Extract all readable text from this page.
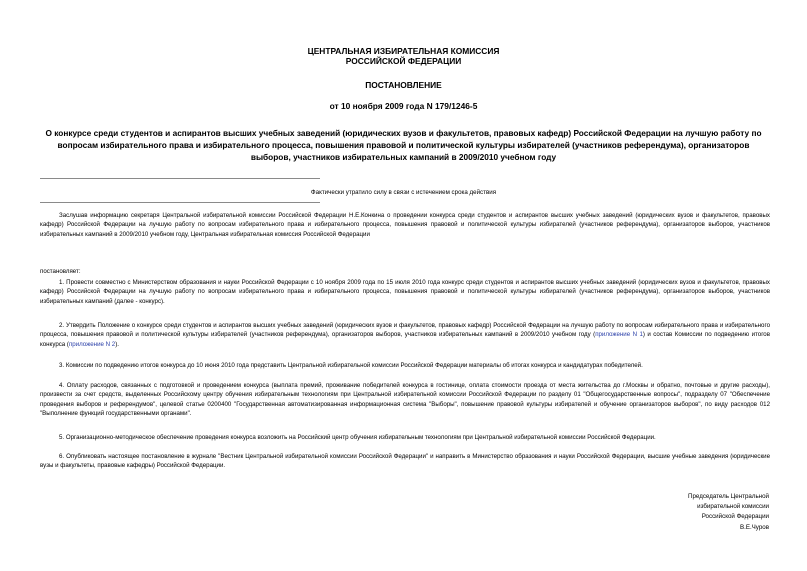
ЦЕНТРАЛЬНАЯ ИЗБИРАТЕЛЬНАЯ КОМИССИЯ
РОССИЙСКОЙ ФЕДЕРАЦИИ
ПОСТАНОВЛЕНИЕ
от 10 ноября 2009 года N 179/1246-5
О конкурсе среди студентов и аспирантов высших учебных заведений (юридических вузов и факультетов, правовых кафедр) Российской Федерации на лучшую работу по вопросам избирательного права и избирательного процесса, повышения правовой и политической культуры избирателей (участников референдума), организаторов выборов, участников избирательных кампаний в 2009/2010 учебном году
Фактически утратило силу в связи с истечением срока действия

Заслушав информацию секретаря Центральной избирательной комиссии Российской Федерации Н.Е.Конкина о проведении конкурса среди студентов и аспирантов высших учебных заведений (юридических вузов и факультетов, правовых кафедр) Российской Федерации на лучшую работу по вопросам избирательного права и избирательного процесса, повышения правовой и политической культуры избирателей (участников референдума), организаторов выборов, участников избирательных кампаний в 2009/2010 учебном году, Центральная избирательная комиссия Российской Федерации

постановляет:

1. Провести совместно с Министерством образования и науки Российской Федерации с 10 ноября 2009 года по 15 июля 2010 года конкурс среди студентов и аспирантов высших учебных заведений (юридических вузов и факультетов, правовых кафедр) Российской Федерации на лучшую работу по вопросам избирательного права и избирательного процесса, повышения правовой и политической культуры избирателей (участников референдума), организаторов выборов, участников избирательных кампаний (далее - конкурс).

2. Утвердить Положение о конкурсе среди студентов и аспирантов высших учебных заведений (юридических вузов и факультетов, правовых кафедр) Российской Федерации на лучшую работу по вопросам избирательного права и избирательного процесса, повышения правовой и политической культуры избирателей (участников референдума), организаторов выборов, участников избирательных кампаний в 2009/2010 учебном году (приложение N 1) и состав Комиссии по подведению итогов конкурса (приложение N 2).

3. Комиссии по подведению итогов конкурса до 10 июня 2010 года представить Центральной избирательной комиссии Российской Федерации материалы об итогах конкурса и кандидатурах победителей.

4. Оплату расходов, связанных с подготовкой и проведением конкурса (выплата премий, проживание победителей конкурса в гостинице, оплата стоимости проезда от места жительства до г.Москвы и обратно, почтовые и другие расходы), произвести за счет средств, выделенных Российскому центру обучения избирательным технологиям при Центральной избирательной комиссии Российской Федерации по разделу 01 "Общегосударственные вопросы", подразделу 07 "Обеспечение проведения выборов и референдумов", целевой статье 0200400 "Государственная автоматизированная информационная система "Выборы", повышение правовой культуры избирателей и обучение организаторов выборов", по виду расходов 012 "Выполнение функций государственными органами".

5. Организационно-методическое обеспечение проведения конкурса возложить на Российский центр обучения избирательным технологиям при Центральной избирательной комиссии Российской Федерации.

6. Опубликовать настоящее постановление в журнале "Вестник Центральной избирательной комиссии Российской Федерации" и направить в Министерство образования и науки Российской Федерации, высшие учебные заведения (юридические вузы и факультеты, правовые кафедры) Российской Федерации.

Председатель Центральной
избирательной комиссии
Российской Федерации
В.Е.Чуров
